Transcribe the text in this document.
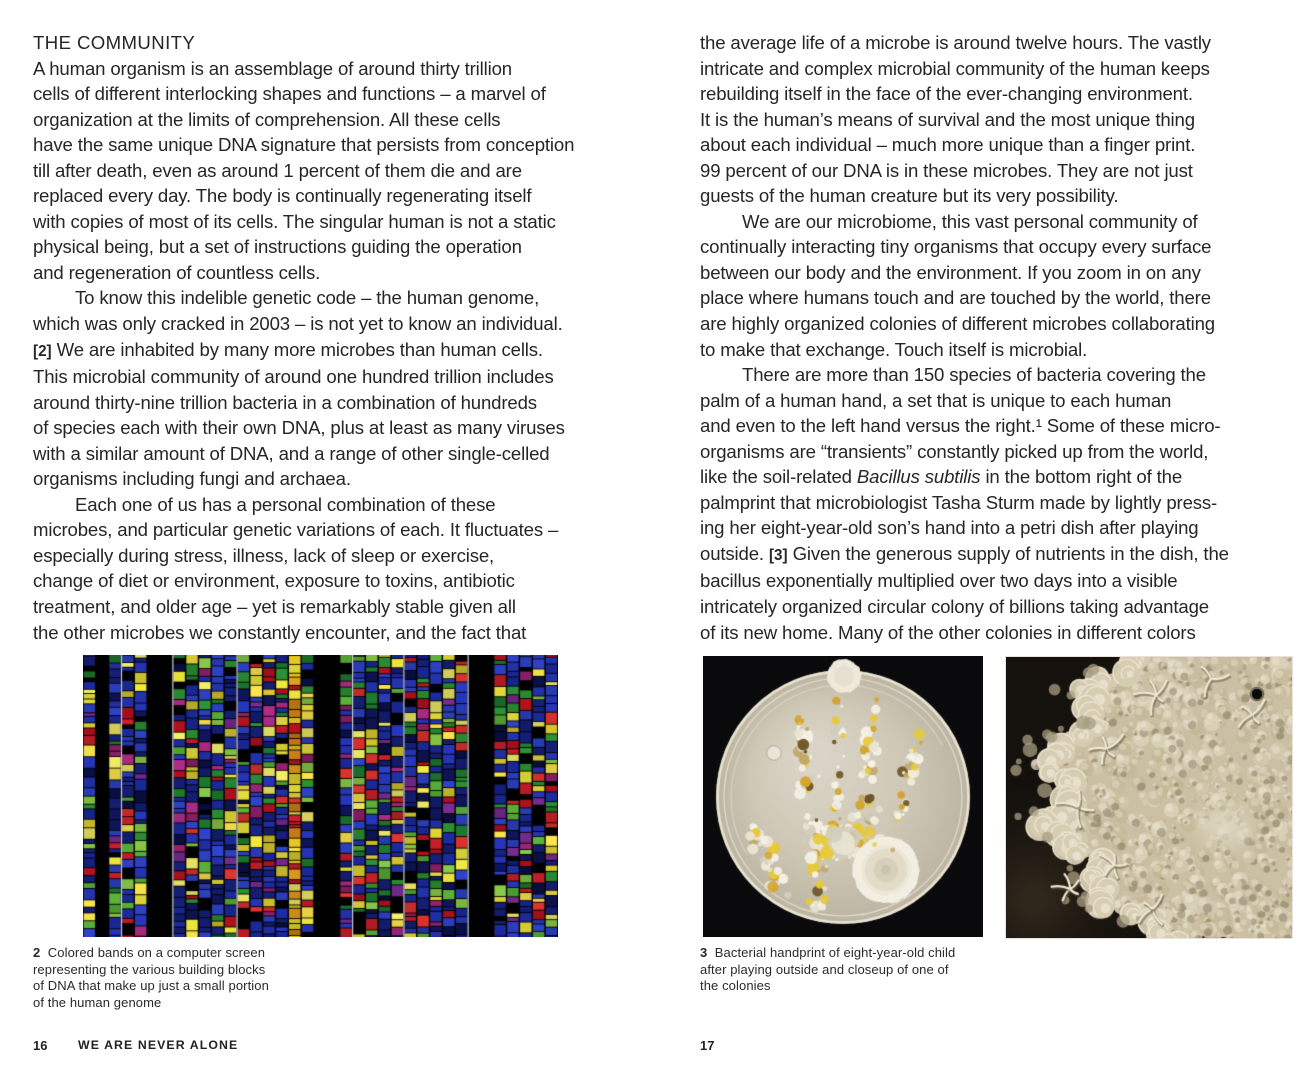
THE COMMUNITY

A human organism is an assemblage of around thirty trillion
cells of different interlocking shapes and functions – a marvel of
organization at the limits of comprehension. All these cells
have the same unique DNA signature that persists from conception
till after death, even as around 1 percent of them die and are
replaced every day. The body is continually regenerating itself
with copies of most of its cells. The singular human is not a static
physical being, but a set of instructions guiding the operation
and regeneration of countless cells.

To know this indelible genetic code – the human genome,
which was only cracked in 2003 – is not yet to know an individual.
[2] We are inhabited by many more microbes than human cells.
This microbial community of around one hundred trillion includes
around thirty-nine trillion bacteria in a combination of hundreds
of species each with their own DNA, plus at least as many viruses
with a similar amount of DNA, and a range of other single-celled
organisms including fungi and archaea.

Each one of us has a personal combination of these
microbes, and particular genetic variations of each. It fluctuates –
especially during stress, illness, lack of sleep or exercise,
change of diet or environment, exposure to toxins, antibiotic
treatment, and older age – yet is remarkably stable given all
the other microbes we constantly encounter, and the fact that

2  Colored bands on a computer screen
representing the various building blocks
of DNA that make up just a small portion
of the human genome
16 WE ARE NEVER ALONE

the average life of a microbe is around twelve hours. The vastly
intricate and complex microbial community of the human keeps
rebuilding itself in the face of the ever-changing environment.
It is the human’s means of survival and the most unique thing
about each individual – much more unique than a finger print.
99 percent of our DNA is in these microbes. They are not just
guests of the human creature but its very possibility.

We are our microbiome, this vast personal community of
continually interacting tiny organisms that occupy every surface
between our body and the environment. If you zoom in on any
place where humans touch and are touched by the world, there
are highly organized colonies of different microbes collaborating
to make that exchange. Touch itself is microbial.

There are more than 150 species of bacteria covering the
palm of a human hand, a set that is unique to each human
and even to the left hand versus the right.¹ Some of these micro-
organisms are “transients” constantly picked up from the world,
like the soil-related Bacillus subtilis in the bottom right of the
palmprint that microbiologist Tasha Sturm made by lightly press-
ing her eight-year-old son’s hand into a petri dish after playing
outside. [3] Given the generous supply of nutrients in the dish, the
bacillus exponentially multiplied over two days into a visible
intricately organized circular colony of billions taking advantage
of its new home. Many of the other colonies in different colors

3  Bacterial handprint of eight-year-old child
after playing outside and closeup of one of
the colonies
17
